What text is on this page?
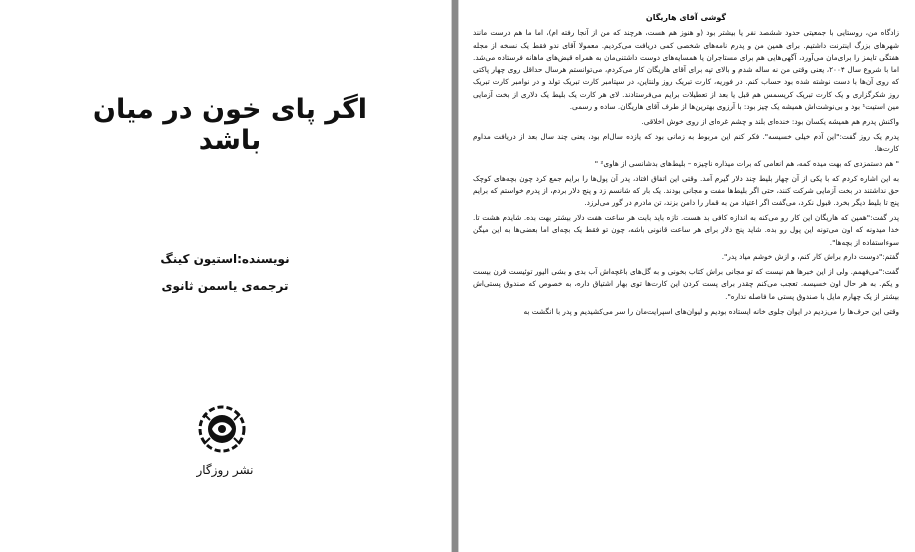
اگر پای خون در میان باشد
نویسنده:استیون کینگ
ترجمه‌ی یاسمن ثانوی
نشر روزگار
گوشی آقای هاریگان

زادگاه من، روستایی با جمعیتی حدود ششصد نفر یا بیشتر بود (و هنوز هم هست، هرچند که من از آنجا رفته ام)، اما ما هم درست مانند شهرهای بزرگ اینترنت داشتیم. برای همین من و پدرم نامه‌های شخصی کمی دریافت می‌کردیم. معمولا آقای ندو فقط یک نسخه از مجله هفتگی تایمز را برای‌مان می‌آورد، آگهی‌هایی هم برای مستاجران یا همسایه‌های دوست داشتنی‌مان به همراه قبض‌های ماهانه فرستاده می‌شد. اما با شروع سال ۲۰۰۴، یعنی وقتی من نه ساله شدم و بالای تپه برای آقای هاریگان کار می‌کردم، می‌توانستم هرسال حداقل روی چهار پاکتی که روی آن‌ها با دست نوشته شده بود حساب کنم. در فوریه، کارت تبریک روز ولنتاین، در سپتامبر کارت تبریک تولد و در نوامبر کارت تبریک روز شکرگزاری و یک کارت تبریک کریسمس هم قبل یا بعد از تعطیلات برایم می‌فرستادند. لای هر کارت یک بلیط یک دلاری از بخت آزمایی مین استیت¹ بود و بی‌نوشت‌اش همیشه یک چیز بود: با آرزوی بهترین‌ها از طرف آقای هاریگان. ساده و رسمی.

واکنش پدرم هم همیشه یکسان بود: خنده‌ای بلند و چشم غره‌ای از روی خوش اخلاقی.

پدرم یک روز گفت:"این آدم خیلی خسیسه". فکر کنم این مربوط به زمانی بود که یازده سال‌ام بود، یعنی چند سال بعد از دریافت مداوم کارت‌ها.

" هم دستمزدی که بهت میده کمه، هم انعامی که برات میذاره ناچیزه – بلیط‌های بدشانسی از هاوی² "

به این اشاره کردم که با یکی از آن چهار بلیط چند دلار گیرم آمد. وقتی این اتفاق افتاد، پدر آن پول‌ها را برایم جمع کرد چون بچه‌های کوچک حق نداشتند در بخت آزمایی شرکت کنند، حتی اگر بلیط‌ها مفت و مجانی بودند. یک بار که شانسم زد و پنج دلار بردم، از پدرم خواستم که برایم پنج تا بلیط دیگر بخرد. قبول نکرد، می‌گفت اگر اعتیاد من به قمار را دامن بزند، تن مادرم در گور می‌لرزد.

پدر گفت:"همین که هاریگان این کار رو می‌کنه به اندازه کافی بد هست. تازه باید بابت هر ساعت هفت دلار بیشتر بهت بده. شایدم هشت تا. خدا میدونه که اون می‌تونه این پول رو بده. شاید پنج دلار برای هر ساعت قانونی باشه، چون تو فقط یک بچه‌ای اما بعضی‌ها به این میگن سوءاستفاده از بچه‌ها".

گفتم:"دوست دارم براش کار کنم، و ازش خوشم میاد پدر".

گفت:"می‌فهمم. ولی از این خبرها هم نیست که تو مجانی براش کتاب بخونی و به گل‌های باغچه‌اش آب بدی و بشی الیور توئیست قرن بیست و یکم. به هر حال اون خسیسه. تعجب می‌کنم چقدر برای پست کردن این کارت‌ها توی بهار اشتیاق داره، به خصوص که صندوق پستی‌اش بیشتر از یک چهارم مایل با صندوق پستی ما فاصله نداره".

وقتی این حرف‌ها را می‌زدیم در ایوان جلوی خانه ایستاده بودیم و لیوان‌های اسپرایت‌مان را سر می‌کشیدیم و پدر با انگشت به
